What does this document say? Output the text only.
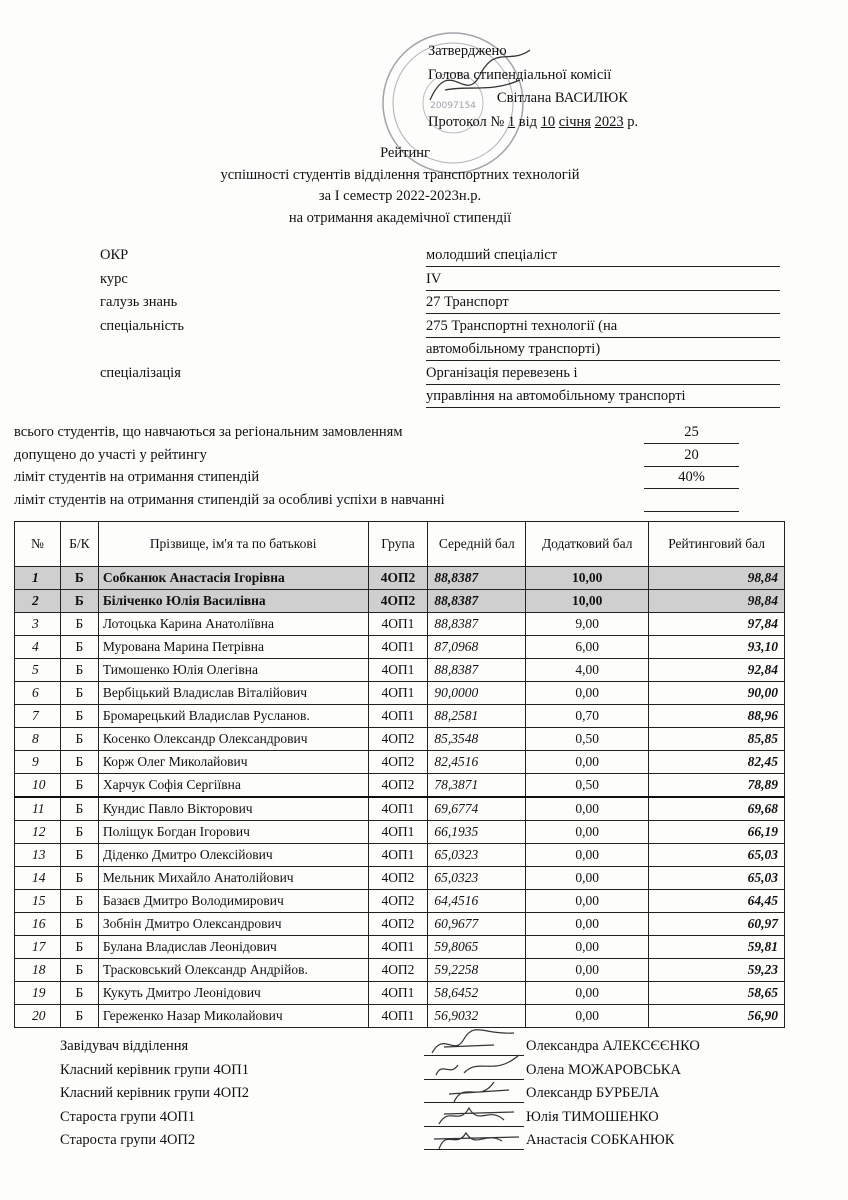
20097154
Затверджено
Голова стипендіальної комісії
Світлана ВАСИЛЮК
Протокол № 1 від 10 січня 2023 р.
Рейтинг
успішності студентів відділення транспортних технологій
за І семестр 2022-2023н.р.
на отримання академічної стипендії
ОКР	молодший спеціаліст
курс	IV
галузь знань	27 Транспорт
спеціальність	275 Транспортні технології (на
автомобільному транспорті)
спеціалізація	Організація перевезень і
управління на автомобільному транспорті
всього студентів, що навчаються за регіональним замовленням	25
допущено до участі у рейтингу	20
ліміт студентів на отримання стипендій	40%
ліміт студентів на отримання стипендій за особливі успіхи в навчанні
№	Б/К	Прізвище, ім'я та по батькові	Група	Середній бал	Додатковий бал	Рейтинговий бал
1	Б	Собканюк Анастасія Ігорівна	4ОП2	88,8387	10,00	98,84
2	Б	Біліченко Юлія Василівна	4ОП2	88,8387	10,00	98,84
3	Б	Лотоцька Карина Анатоліївна	4ОП1	88,8387	9,00	97,84
4	Б	Мурована Марина Петрівна	4ОП1	87,0968	6,00	93,10
5	Б	Тимошенко Юлія Олегівна	4ОП1	88,8387	4,00	92,84
6	Б	Вербіцький Владислав Віталійович	4ОП1	90,0000	0,00	90,00
7	Б	Бромарецький Владислав Русланов.	4ОП1	88,2581	0,70	88,96
8	Б	Косенко Олександр Олександрович	4ОП2	85,3548	0,50	85,85
9	Б	Корж Олег Миколайович	4ОП2	82,4516	0,00	82,45
10	Б	Харчук Софія Сергіївна	4ОП2	78,3871	0,50	78,89
11	Б	Кундис Павло Вікторович	4ОП1	69,6774	0,00	69,68
12	Б	Поліщук Богдан Ігорович	4ОП1	66,1935	0,00	66,19
13	Б	Діденко Дмитро Олексійович	4ОП1	65,0323	0,00	65,03
14	Б	Мельник Михайло Анатолійович	4ОП2	65,0323	0,00	65,03
15	Б	Базаєв Дмитро Володимирович	4ОП2	64,4516	0,00	64,45
16	Б	Зобнін Дмитро Олександрович	4ОП2	60,9677	0,00	60,97
17	Б	Булана Владислав Леонідович	4ОП1	59,8065	0,00	59,81
18	Б	Трасковський Олександр Андрійов.	4ОП2	59,2258	0,00	59,23
19	Б	Кукуть Дмитро Леонідович	4ОП1	58,6452	0,00	58,65
20	Б	Гереженко Назар Миколайович	4ОП1	56,9032	0,00	56,90
Завідувач відділення	Олександра АЛЕКСЄЄНКО
Класний керівник групи 4ОП1	Олена МОЖАРОВСЬКА
Класний керівник групи 4ОП2	Олександр БУРБЕЛА
Староста групи 4ОП1	Юлія ТИМОШЕНКО
Староста групи 4ОП2	Анастасія СОБКАНЮК
